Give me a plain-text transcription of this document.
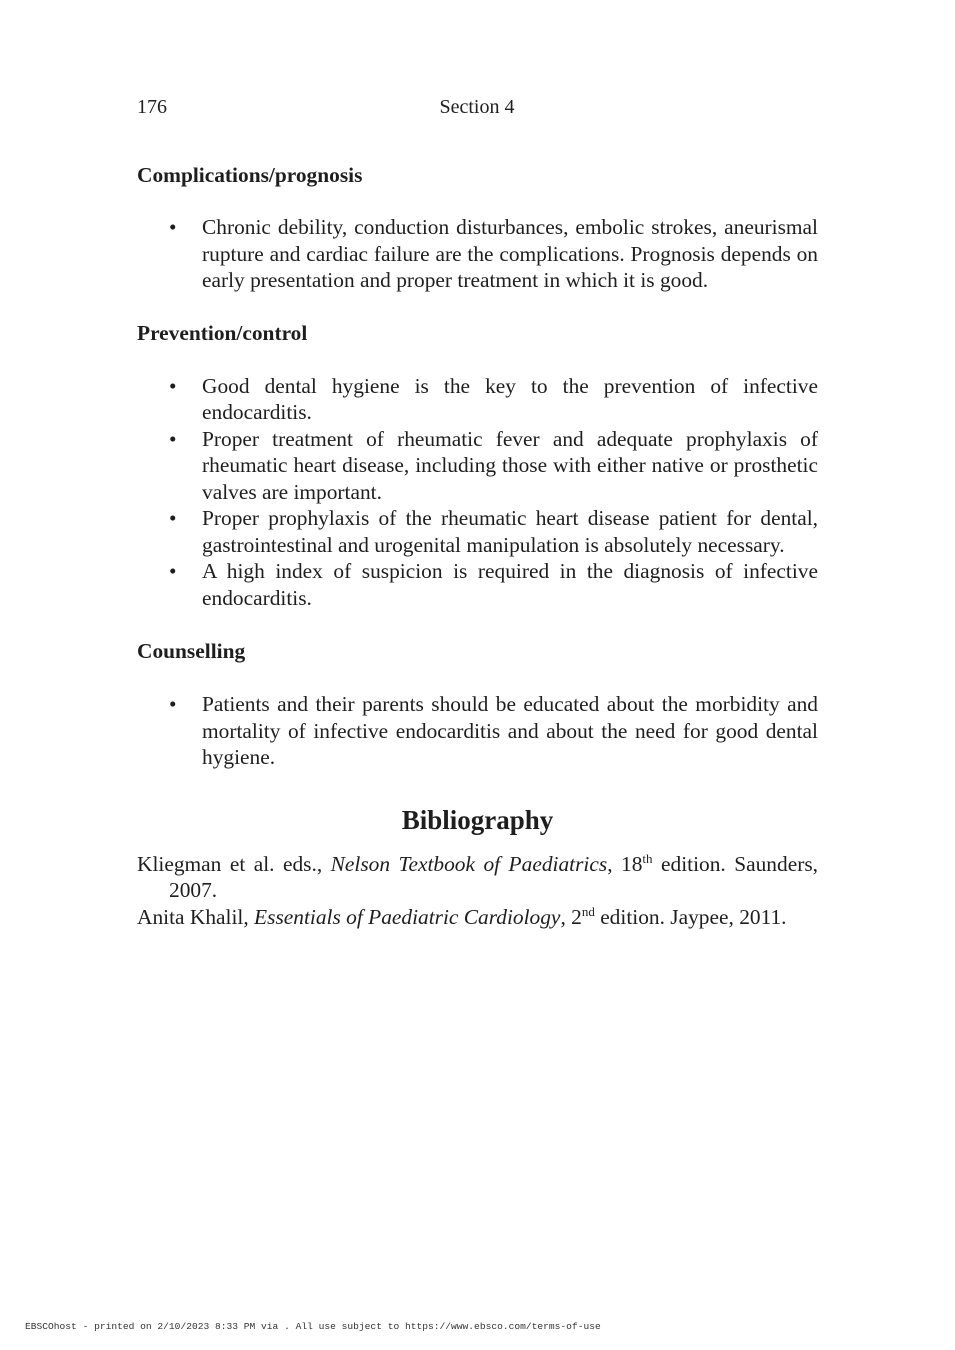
176	Section 4
Complications/prognosis
• Chronic debility, conduction disturbances, embolic strokes, aneurismal rupture and cardiac failure are the complications. Prognosis depends on early presentation and proper treatment in which it is good.
Prevention/control
• Good dental hygiene is the key to the prevention of infective endocarditis.
• Proper treatment of rheumatic fever and adequate prophylaxis of rheumatic heart disease, including those with either native or prosthetic valves are important.
• Proper prophylaxis of the rheumatic heart disease patient for dental, gastrointestinal and urogenital manipulation is absolutely necessary.
• A high index of suspicion is required in the diagnosis of infective endocarditis.
Counselling
• Patients and their parents should be educated about the morbidity and mortality of infective endocarditis and about the need for good dental hygiene.
Bibliography
Kliegman et al. eds., Nelson Textbook of Paediatrics, 18th edition. Saunders, 2007.
Anita Khalil, Essentials of Paediatric Cardiology, 2nd edition. Jaypee, 2011.
EBSCOhost - printed on 2/10/2023 8:33 PM via . All use subject to https://www.ebsco.com/terms-of-use
